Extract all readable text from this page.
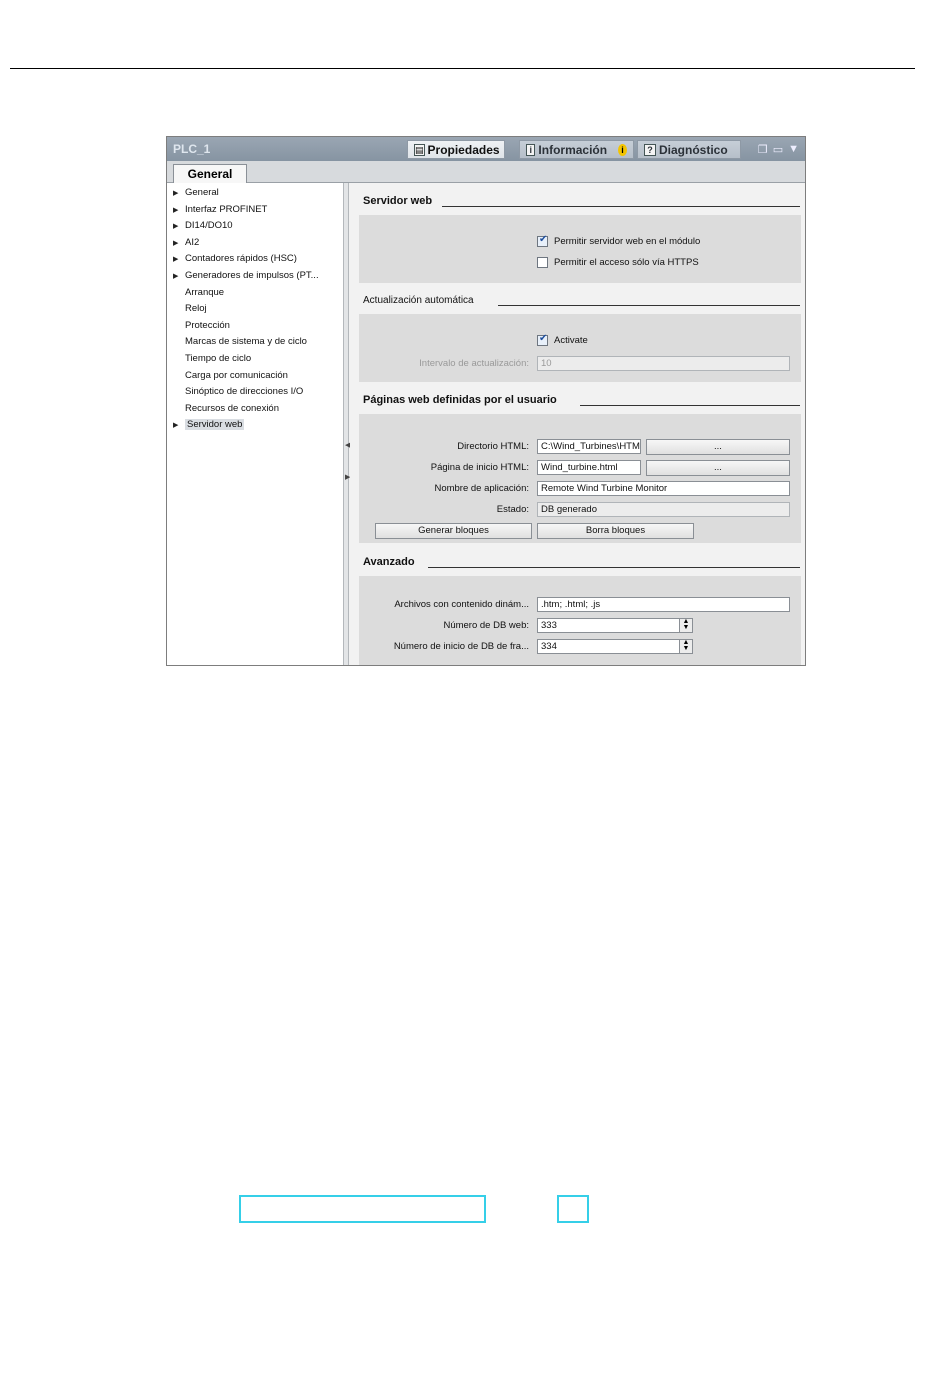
PLC_1	▤ Propiedades	i Información	i	? Diagnóstico	❐ ▭ ▼
General
▶ General
▶ Interfaz PROFINET
▶ DI14/DO10
▶ AI2
▶ Contadores rápidos (HSC)
▶ Generadores de impulsos (PT...
Arranque
Reloj
Protección
Marcas de sistema y de ciclo
Tiempo de ciclo
Carga por comunicación
Sinóptico de direcciones I/O
Recursos de conexión
▶ Servidor web
◀
▶
Servidor web
✔
Permitir servidor web en el módulo
Permitir el acceso sólo vía HTTPS
Actualización automática
✔
Activate
Intervalo de actualización:	10
Páginas web definidas por el usuario
Directorio HTML:	C:\Wind_Turbines\HTM	...
Página de inicio HTML:	Wind_turbine.html	...
Nombre de aplicación:	Remote Wind Turbine Monitor
Estado:	DB generado
Generar bloques	Borra bloques
Avanzado
Archivos con contenido dinám...	.htm; .html; .js
Número de DB web:	333	▲
▼
Número de inicio de DB de fra...	334	▲
▼
